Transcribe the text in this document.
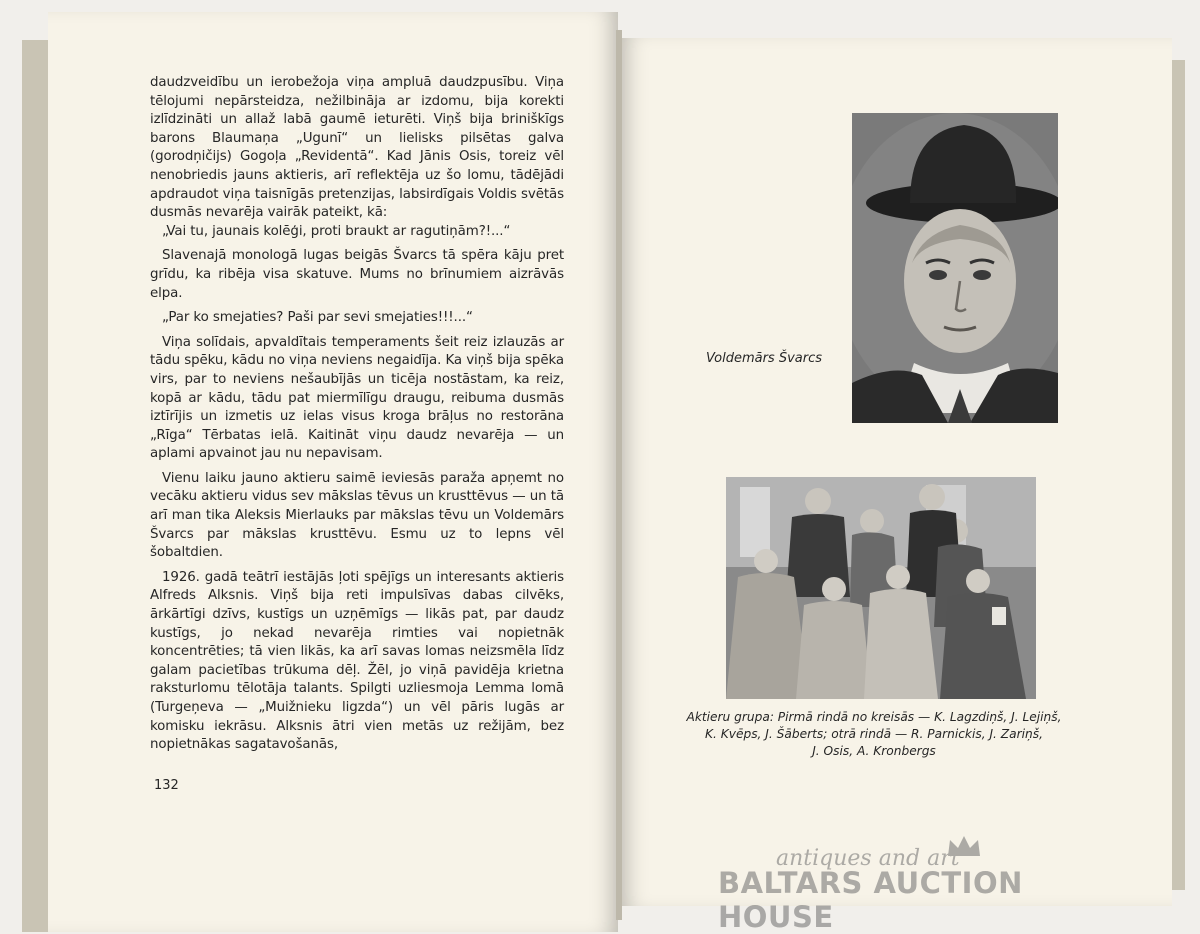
daudzveidību un ierobežoja viņa ampluā daudzpusību. Viņa tēlojumi nepārsteidza, nežilbināja ar izdomu, bija korekti izlīdzināti un allaž labā gaumē ieturēti. Viņš bija briniškīgs barons Blaumaņa „Ugunī“ un lielisks pilsētas galva (gorodņičijs) Gogoļa „Revidentā“. Kad Jānis Osis, toreiz vēl nenobriedis jauns aktieris, arī reflektēja uz šo lomu, tādējādi apdraudot viņa taisnīgās pretenzijas, labsirdīgais Voldis svētās dusmās nevarēja vairāk pateikt, kā:

„Vai tu, jaunais kolēģi, proti braukt ar ragutiņām?!...“

Slavenajā monologā lugas beigās Švarcs tā spēra kāju pret grīdu, ka ribēja visa skatuve. Mums no brīnumiem aizrāvās elpa.

„Par ko smejaties? Paši par sevi smejaties!!!...“

Viņa solīdais, apvaldītais temperaments šeit reiz izlauzās ar tādu spēku, kādu no viņa neviens negaidīja. Ka viņš bija spēka virs, par to neviens nešaubījās un ticēja nostāstam, ka reiz, kopā ar kādu, tādu pat miermīlīgu draugu, reibuma dusmās iztīrījis un izmetis uz ielas visus kroga brāļus no restorāna „Rīga“ Tērbatas ielā. Kaitināt viņu daudz nevarēja — un aplami apvainot jau nu nepavisam.

Vienu laiku jauno aktieru saimē ieviesās paraža apņemt no vecāku aktieru vidus sev mākslas tēvus un krusttēvus — un tā arī man tika Aleksis Mierlauks par mākslas tēvu un Voldemārs Švarcs par mākslas krusttēvu. Esmu uz to lepns vēl šobaltdien.

1926. gadā teātrī iestājās ļoti spējīgs un interesants aktieris Alfreds Alksnis. Viņš bija reti impulsīvas dabas cilvēks, ārkārtīgi dzīvs, kustīgs un uzņēmīgs — likās pat, par daudz kustīgs, jo nekad nevarēja rimties vai nopietnāk koncentrēties; tā vien likās, ka arī savas lomas neizsmēla līdz galam pacietības trūkuma dēļ. Žēl, jo viņā pavidēja krietna raksturlomu tēlotāja talants. Spilgti uzliesmoja Lemma lomā (Turgeņeva — „Muižnieku ligzda“) un vēl pāris lugās ar komisku iekrāsu. Alksnis ātri vien metās uz režijām, bez nopietnākas sagatavošanās,

132
Voldemārs Švarcs
Aktieru grupa: Pirmā rindā no kreisās — K. Lagzdiņš, J. Lejiņš,
K. Kvēps, J. Šāberts; otrā rindā — R. Parnickis, J. Zariņš,
J. Osis, A. Kronbergs
antiques and art
BALTARS AUCTION HOUSE
